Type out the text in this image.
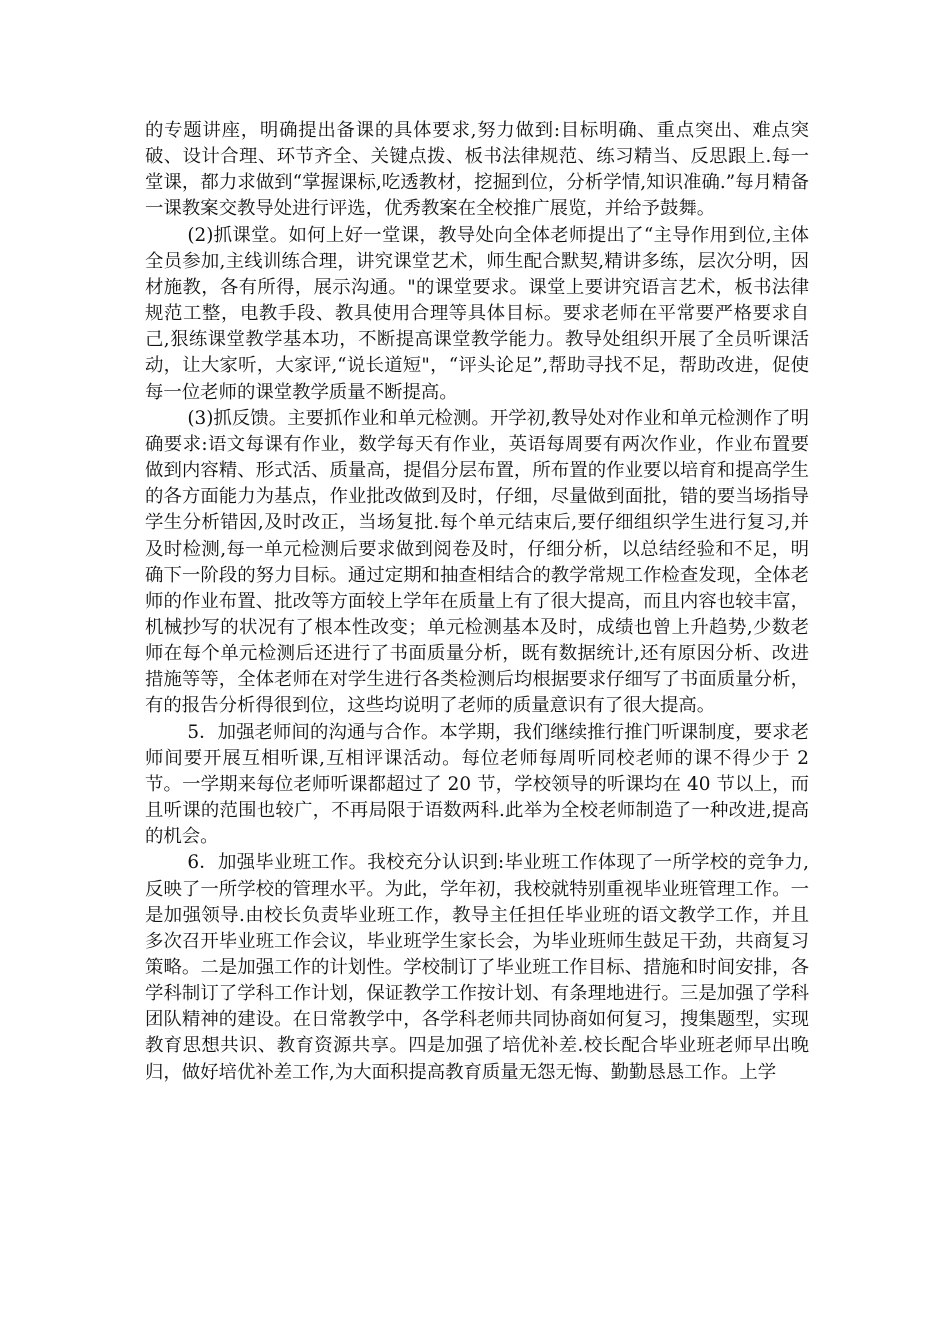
的专题讲座，明确提出备课的具体要求,努力做到:目标明确、重点突出、难点突破、设计合理、环节齐全、关键点拨、板书法律规范、练习精当、反思跟上.每一堂课，都力求做到“掌握课标,吃透教材，挖掘到位，分析学情,知识准确.”每月精备一课教案交教导处进行评选，优秀教案在全校推广展览，并给予鼓舞。

(2)抓课堂。如何上好一堂课，教导处向全体老师提出了“主导作用到位,主体全员参加,主线训练合理，讲究课堂艺术，师生配合默契,精讲多练，层次分明，因材施教，各有所得，展示沟通。"的课堂要求。课堂上要讲究语言艺术，板书法律规范工整，电教手段、教具使用合理等具体目标。要求老师在平常要严格要求自己,狠练课堂教学基本功，不断提高课堂教学能力。教导处组织开展了全员听课活动，让大家听，大家评,“说长道短"，“评头论足”,帮助寻找不足，帮助改进，促使每一位老师的课堂教学质量不断提高。

(3)抓反馈。主要抓作业和单元检测。开学初,教导处对作业和单元检测作了明确要求:语文每课有作业，数学每天有作业，英语每周要有两次作业，作业布置要做到内容精、形式活、质量高，提倡分层布置，所布置的作业要以培育和提高学生的各方面能力为基点，作业批改做到及时，仔细，尽量做到面批，错的要当场指导学生分析错因,及时改正，当场复批.每个单元结束后,要仔细组织学生进行复习,并及时检测,每一单元检测后要求做到阅卷及时，仔细分析，以总结经验和不足，明确下一阶段的努力目标。通过定期和抽查相结合的教学常规工作检查发现，全体老师的作业布置、批改等方面较上学年在质量上有了很大提高，而且内容也较丰富，机械抄写的状况有了根本性改变；单元检测基本及时，成绩也曾上升趋势,少数老师在每个单元检测后还进行了书面质量分析，既有数据统计,还有原因分析、改进措施等等，全体老师在对学生进行各类检测后均根据要求仔细写了书面质量分析，有的报告分析得很到位，这些均说明了老师的质量意识有了很大提高。

5．加强老师间的沟通与合作。本学期，我们继续推行推门听课制度，要求老师间要开展互相听课,互相评课活动。每位老师每周听同校老师的课不得少于 2 节。一学期来每位老师听课都超过了 20 节，学校领导的听课均在 40 节以上，而且听课的范围也较广，不再局限于语数两科.此举为全校老师制造了一种改进,提高的机会。

6．加强毕业班工作。我校充分认识到:毕业班工作体现了一所学校的竞争力,反映了一所学校的管理水平。为此，学年初，我校就特别重视毕业班管理工作。一是加强领导.由校长负责毕业班工作，教导主任担任毕业班的语文教学工作，并且多次召开毕业班工作会议，毕业班学生家长会，为毕业班师生鼓足干劲，共商复习策略。二是加强工作的计划性。学校制订了毕业班工作目标、措施和时间安排，各学科制订了学科工作计划，保证教学工作按计划、有条理地进行。三是加强了学科团队精神的建设。在日常教学中，各学科老师共同协商如何复习，搜集题型，实现教育思想共识、教育资源共享。四是加强了培优补差.校长配合毕业班老师早出晚归，做好培优补差工作,为大面积提高教育质量无怨无悔、勤勤恳恳工作。上学
